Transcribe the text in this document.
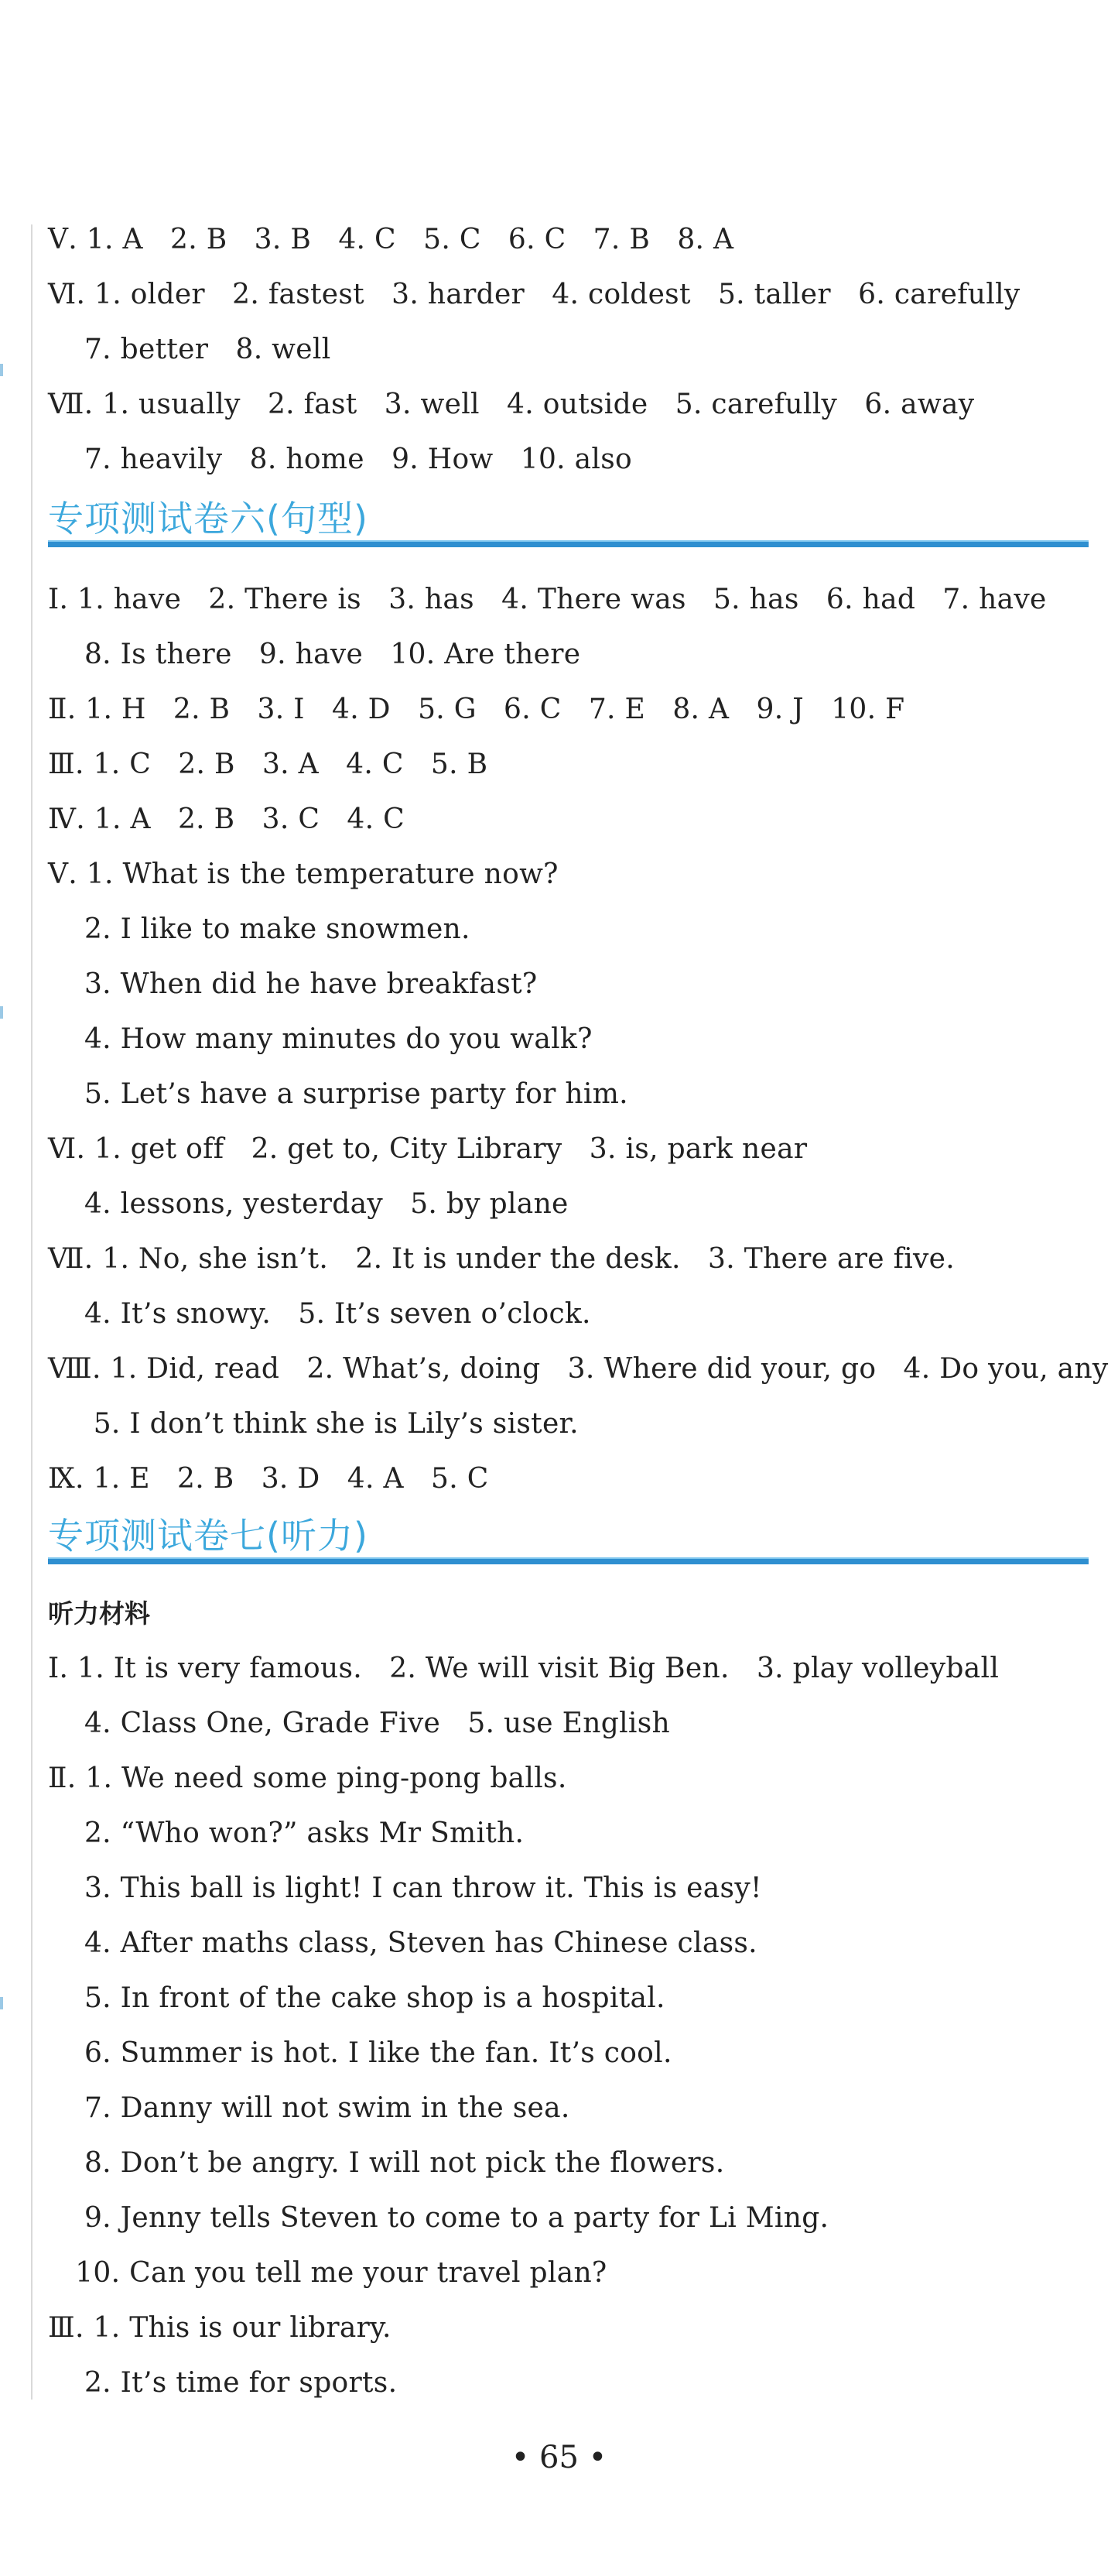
Ⅴ. 1. A   2. B   3. B   4. C   5. C   6. C   7. B   8. A
Ⅵ. 1. older   2. fastest   3. harder   4. coldest   5. taller   6. carefully
7. better   8. well
Ⅶ. 1. usually   2. fast   3. well   4. outside   5. carefully   6. away
7. heavily   8. home   9. How   10. also
专项测试卷六(句型)
Ⅰ. 1. have   2. There is   3. has   4. There was   5. has   6. had   7. have
8. Is there   9. have   10. Are there
Ⅱ. 1. H   2. B   3. I   4. D   5. G   6. C   7. E   8. A   9. J   10. F
Ⅲ. 1. C   2. B   3. A   4. C   5. B
Ⅳ. 1. A   2. B   3. C   4. C
Ⅴ. 1. What is the temperature now?
2. I like to make snowmen.
3. When did he have breakfast?
4. How many minutes do you walk?
5. Let’s have a surprise party for him.
Ⅵ. 1. get off   2. get to, City Library   3. is, park near
4. lessons, yesterday   5. by plane
Ⅶ. 1. No, she isn’t.   2. It is under the desk.   3. There are five.
4. It’s snowy.   5. It’s seven o’clock.
Ⅷ. 1. Did, read   2. What’s, doing   3. Where did your, go   4. Do you, any
5. I don’t think she is Lily’s sister.
Ⅸ. 1. E   2. B   3. D   4. A   5. C
专项测试卷七(听力)
听力材料
Ⅰ. 1. It is very famous.   2. We will visit Big Ben.   3. play volleyball
4. Class One, Grade Five   5. use English
Ⅱ. 1. We need some ping-pong balls.
2. “Who won?” asks Mr Smith.
3. This ball is light! I can throw it. This is easy!
4. After maths class, Steven has Chinese class.
5. In front of the cake shop is a hospital.
6. Summer is hot. I like the fan. It’s cool.
7. Danny will not swim in the sea.
8. Don’t be angry. I will not pick the flowers.
9. Jenny tells Steven to come to a party for Li Ming.
10. Can you tell me your travel plan?
Ⅲ. 1. This is our library.
2. It’s time for sports.
• 65 •
